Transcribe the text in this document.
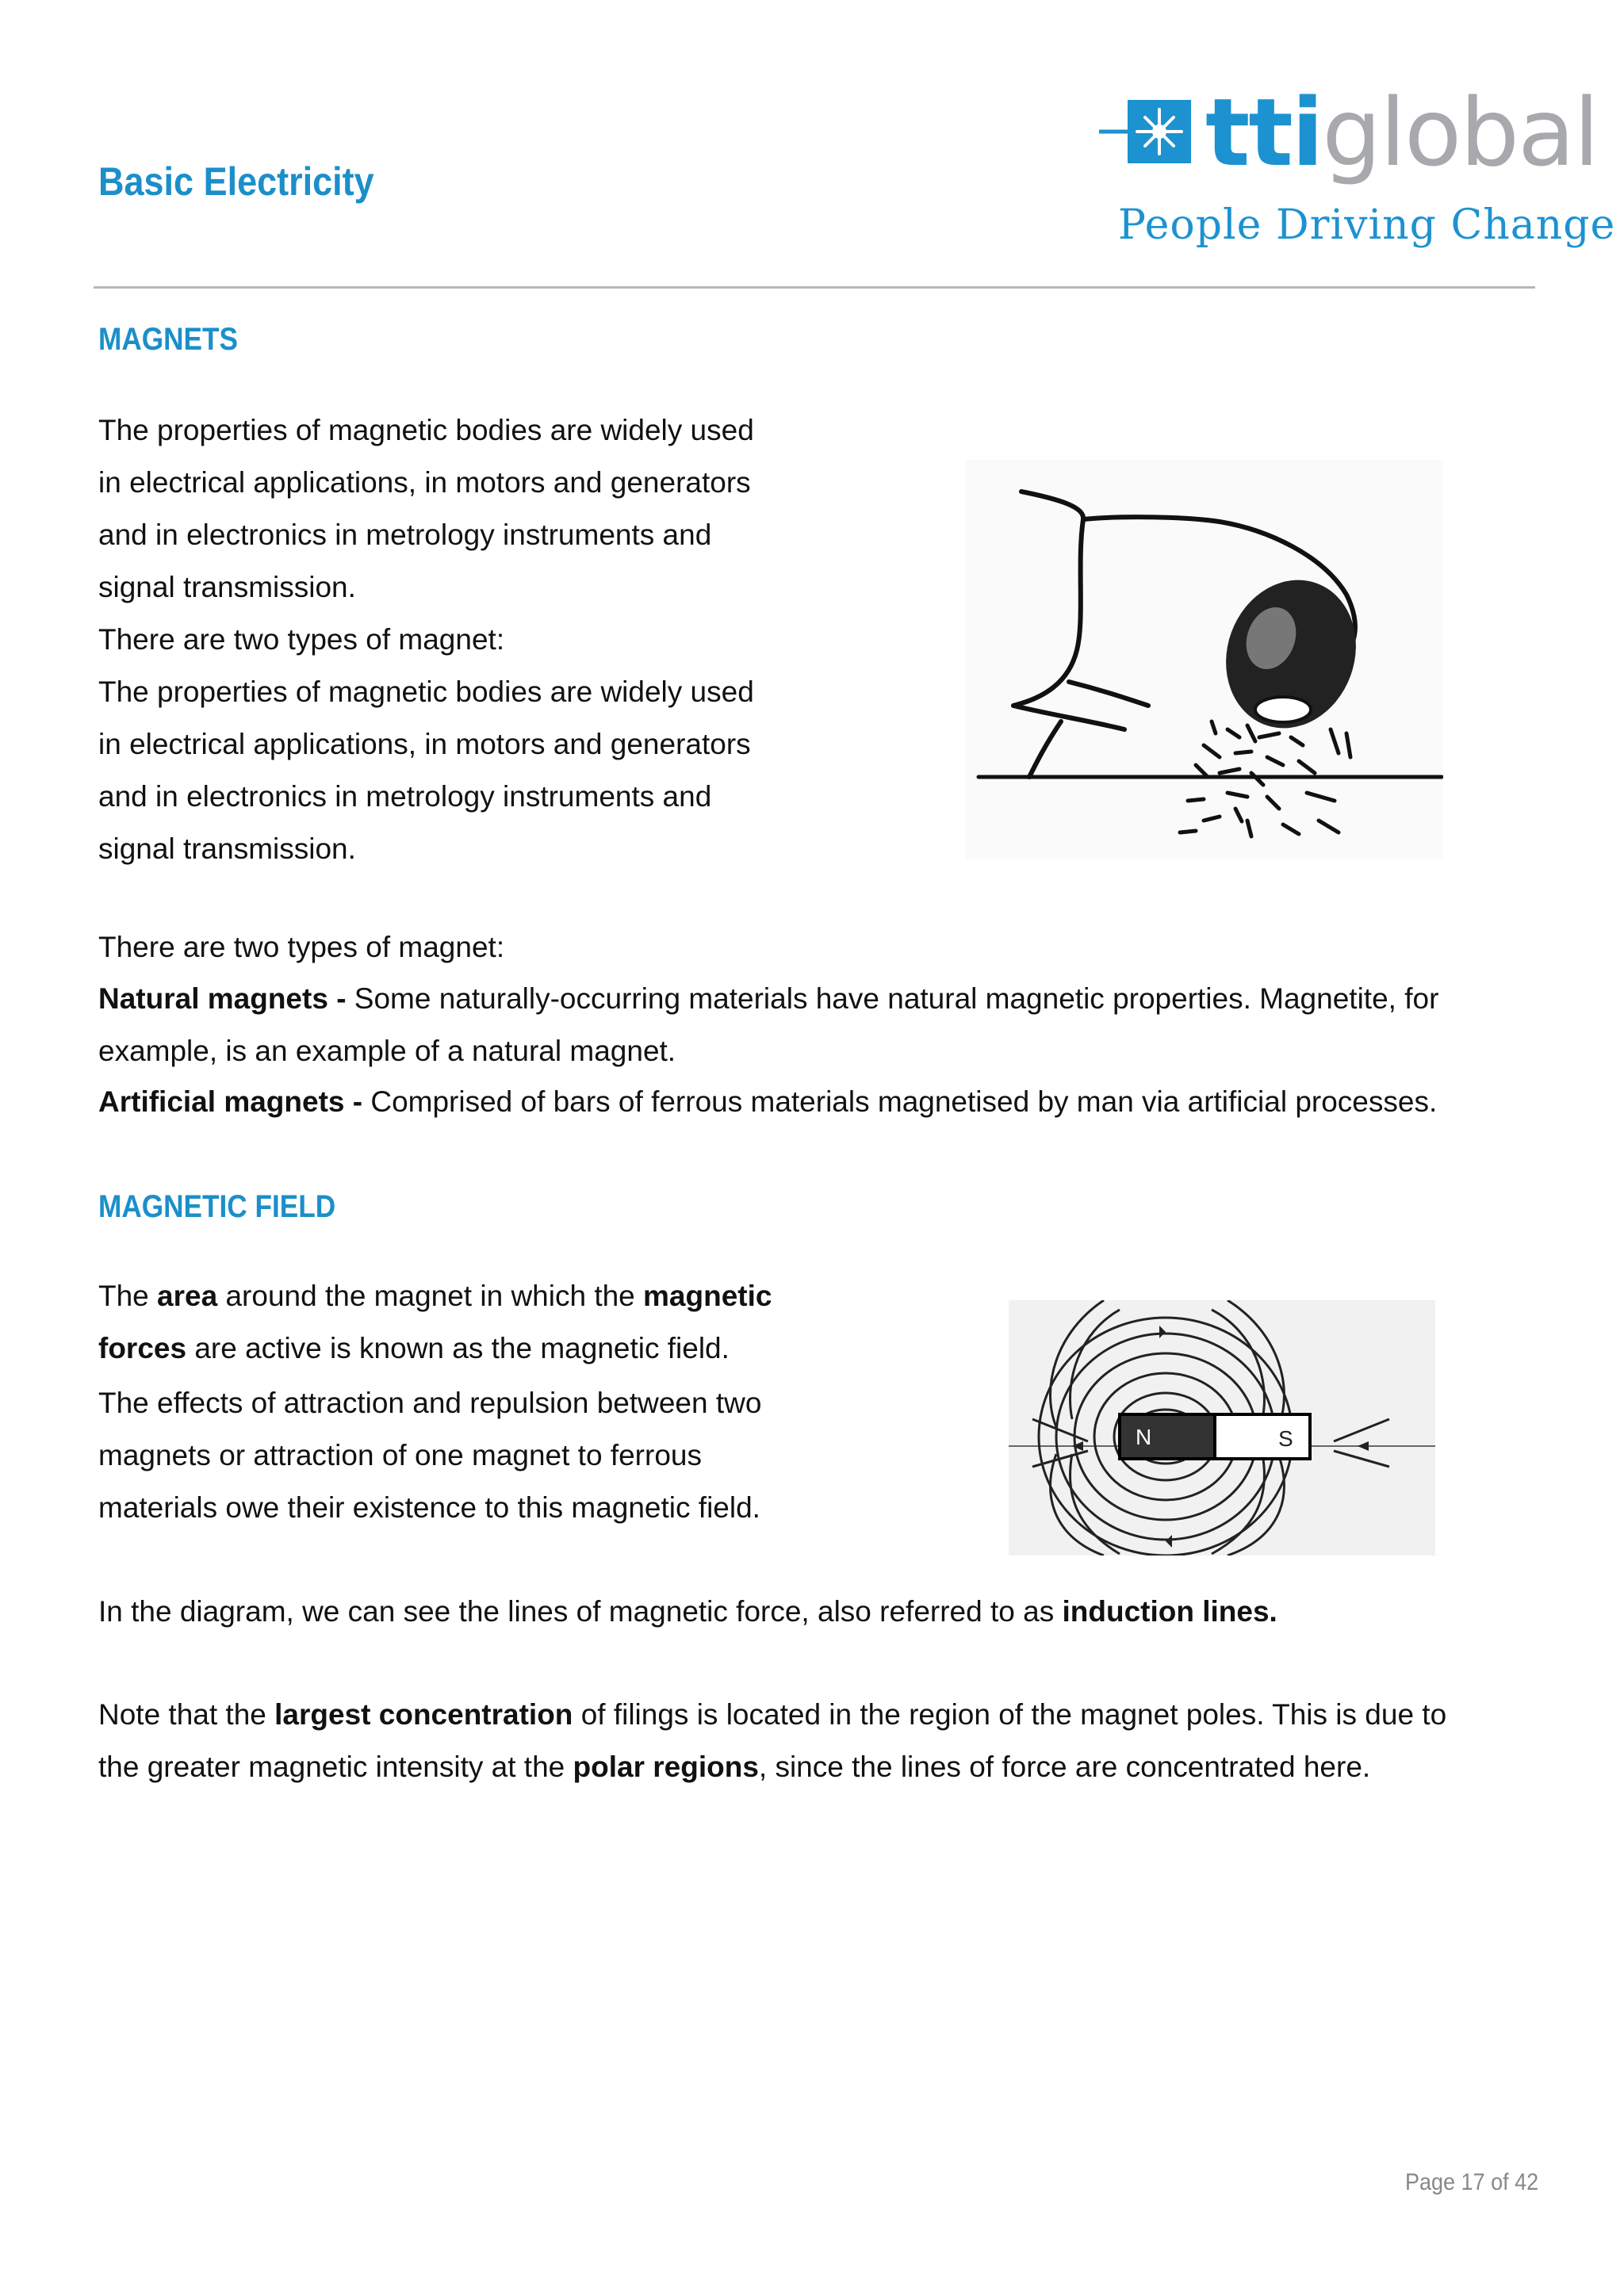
Basic Electricity	ttiglobal
People Driving Change
MAGNETS
The properties of magnetic bodies are widely used
in electrical applications, in motors and generators
and in electronics in metrology instruments and
signal transmission.
There are two types of magnet:
The properties of magnetic bodies are widely used
in electrical applications, in motors and generators
and in electronics in metrology instruments and
signal transmission.
There are two types of magnet:
Natural magnets - Some naturally-occurring materials have natural magnetic properties. Magnetite, for
example, is an example of a natural magnet.
Artificial magnets - Comprised of bars of ferrous materials magnetised by man via artificial processes.
MAGNETIC FIELD
The area around the magnet in which the magnetic
forces are active is known as the magnetic field.
The effects of attraction and repulsion between two
magnets or attraction of one magnet to ferrous
materials owe their existence to this magnetic field.
N	S
In the diagram, we can see the lines of magnetic force, also referred to as induction lines.
Note that the largest concentration of filings is located in the region of the magnet poles. This is due to
the greater magnetic intensity at the polar regions, since the lines of force are concentrated here.
Page 17 of 42
